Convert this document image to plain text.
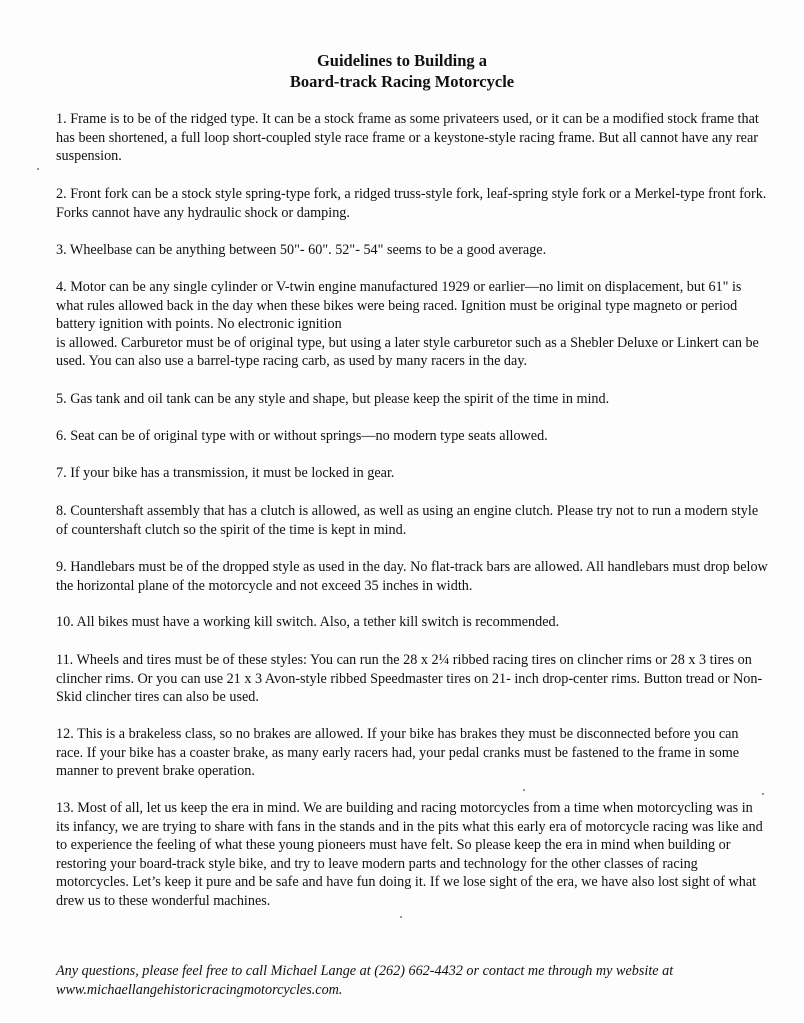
Guidelines to Building a
Board-track Racing Motorcycle

1. Frame is to be of the ridged type. It can be a stock frame as some privateers used, or it can be a modified stock frame that has been shortened, a full loop short-coupled style race frame or a keystone-style racing frame. But all cannot have any rear suspension.

2. Front fork can be a stock style spring-type fork, a ridged truss-style fork, leaf-spring style fork or a Merkel-type front fork. Forks cannot have any hydraulic shock or damping.

3. Wheelbase can be anything between 50"- 60". 52"- 54" seems to be a good average.

4. Motor can be any single cylinder or V-twin engine manufactured 1929 or earlier—no limit on displacement, but 61" is what rules allowed back in the day when these bikes were being raced. Ignition must be original type magneto or period battery ignition with points. No electronic ignition

is allowed. Carburetor must be of original type, but using a later style carburetor such as a Shebler Deluxe or Linkert can be used. You can also use a barrel-type racing carb, as used by many racers in the day.

5. Gas tank and oil tank can be any style and shape, but please keep the spirit of the time in mind.

6. Seat can be of original type with or without springs—no modern type seats allowed.

7. If your bike has a transmission, it must be locked in gear.

8. Countershaft assembly that has a clutch is allowed, as well as using an engine clutch. Please try not to run a modern style of countershaft clutch so the spirit of the time is kept in mind.

9. Handlebars must be of the dropped style as used in the day. No flat-track bars are allowed. All handlebars must drop below the horizontal plane of the motorcycle and not exceed 35 inches in width.

10. All bikes must have a working kill switch. Also, a tether kill switch is recommended.

11. Wheels and tires must be of these styles: You can run the 28 x 2¼ ribbed racing tires on clincher rims or 28 x 3 tires on clincher rims. Or you can use 21 x 3 Avon-style ribbed Speedmaster tires on 21- inch drop-center rims. Button tread or Non-Skid clincher tires can also be used.

12. This is a brakeless class, so no brakes are allowed. If your bike has brakes they must be disconnected before you can race. If your bike has a coaster brake, as many early racers had, your pedal cranks must be fastened to the frame in some manner to prevent brake operation.

13. Most of all, let us keep the era in mind. We are building and racing motorcycles from a time when motorcycling was in its infancy, we are trying to share with fans in the stands and in the pits what this early era of motorcycle racing was like and to experience the feeling of what these young pioneers must have felt. So please keep the era in mind when building or restoring your board-track style bike, and try to leave modern parts and technology for the other classes of racing motorcycles. Let’s keep it pure and be safe and have fun doing it. If we lose sight of the era, we have also lost sight of what drew us to these wonderful machines.

Any questions, please feel free to call Michael Lange at (262) 662-4432 or contact me through my website at www.michaellangehistoricracingmotorcycles.com.
